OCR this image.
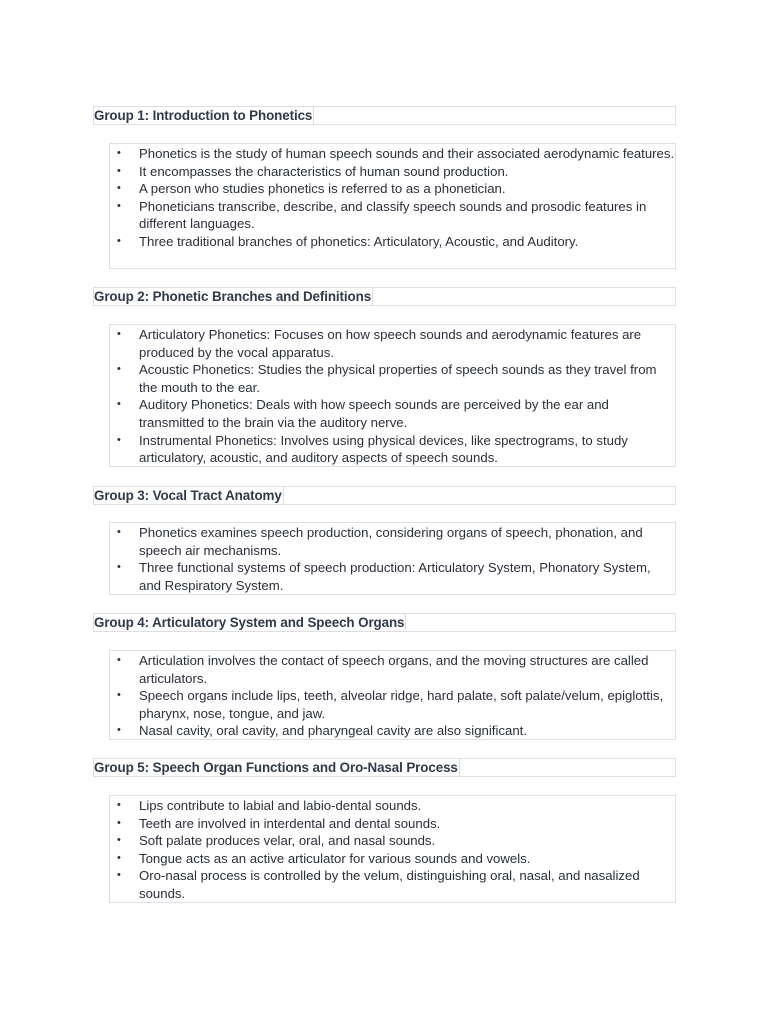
Group 1: Introduction to Phonetics
• Phonetics is the study of human speech sounds and their associated aerodynamic features.
• It encompasses the characteristics of human sound production.
• A person who studies phonetics is referred to as a phonetician.
• Phoneticians transcribe, describe, and classify speech sounds and prosodic features in different languages.
• Three traditional branches of phonetics: Articulatory, Acoustic, and Auditory.
Group 2: Phonetic Branches and Definitions
• Articulatory Phonetics: Focuses on how speech sounds and aerodynamic features are produced by the vocal apparatus.
• Acoustic Phonetics: Studies the physical properties of speech sounds as they travel from the mouth to the ear.
• Auditory Phonetics: Deals with how speech sounds are perceived by the ear and transmitted to the brain via the auditory nerve.
• Instrumental Phonetics: Involves using physical devices, like spectrograms, to study articulatory, acoustic, and auditory aspects of speech sounds.
Group 3: Vocal Tract Anatomy
• Phonetics examines speech production, considering organs of speech, phonation, and speech air mechanisms.
• Three functional systems of speech production: Articulatory System, Phonatory System, and Respiratory System.
Group 4: Articulatory System and Speech Organs
• Articulation involves the contact of speech organs, and the moving structures are called articulators.
• Speech organs include lips, teeth, alveolar ridge, hard palate, soft palate/velum, epiglottis, pharynx, nose, tongue, and jaw.
• Nasal cavity, oral cavity, and pharyngeal cavity are also significant.
Group 5: Speech Organ Functions and Oro-Nasal Process
• Lips contribute to labial and labio-dental sounds.
• Teeth are involved in interdental and dental sounds.
• Soft palate produces velar, oral, and nasal sounds.
• Tongue acts as an active articulator for various sounds and vowels.
• Oro-nasal process is controlled by the velum, distinguishing oral, nasal, and nasalized sounds.
